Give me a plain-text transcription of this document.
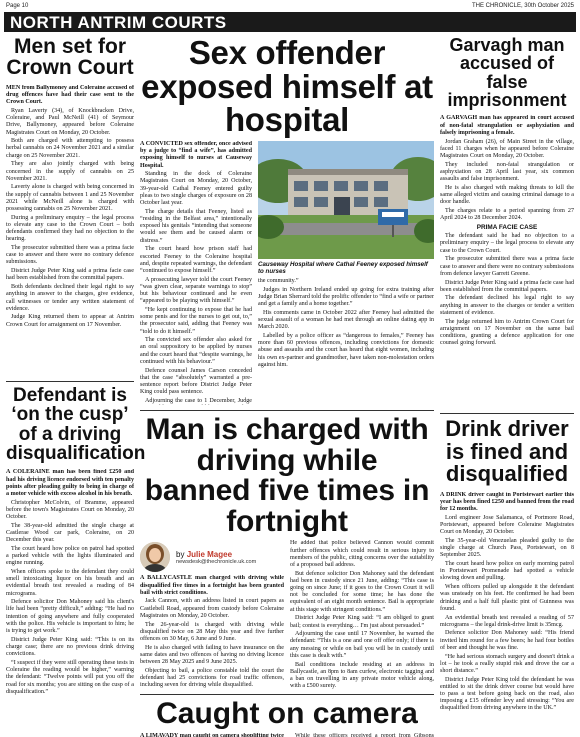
Page 10	THE CHRONICLE, 30th October 2025
NORTH ANTRIM COURTS
Men set for Crown Court

MEN from Ballymoney and Coleraine accused of drug offences have had their case sent to the Crown Court.

Ryan Laverty (34), of Knockbracken Drive, Coleraine, and Paul McNeill (41) of Seymour Drive, Ballymoney, appeared before Coleraine Magistrates Court on Monday, 20 October.

Both are charged with attempting to possess herbal cannabis on 24 November 2021 and a similar charge on 25 November 2021.

They are also jointly charged with being concerned in the supply of cannabis on 25 November 2021.

Laverty alone is charged with being concerned in the supply of cannabis between 1 and 25 November 2021 while McNeill alone is charged with possessing cannabis on 25 November 2021.

During a preliminary enquiry – the legal process to elevate any case to the Crown Court – both defendants confirmed they had no objection to the hearing.

The prosecutor submitted there was a prima facie case to answer and there were no contrary defence submissions.

District Judge Peter King said a prima facie case had been established from the committal papers.

Both defendants declined their legal right to say anything in answer to the charges, give evidence, call witnesses or tender any written statement of evidence.

Judge King returned them to appear at Antrim Crown Court for arraignment on 17 November.

Defendant is ‘on the cusp’ of a driving disqualification

A COLERAINE man has been fined £250 and had his driving licence endorsed with ten penalty points after pleading guilty to being in charge of a motor vehicle with excess alcohol in his breath.

Christopher McColvin, of Bramme, appeared before the town's Magistrates Court on Monday, 20 October.

The 38-year-old admitted the single charge at Castlerae Wood car park, Coleraine, on 20 December this year.

The court heard how police on patrol had spotted a parked vehicle with the lights illuminated and engine running.

When officers spoke to the defendant they could smell intoxicating liquor on his breath and an evidential breath test revealed a reading of 84 micrograms.

Defence solicitor Don Mahoney said his client's life had been “pretty difficult,” adding: “He had no intention of going anywhere and fully cooperated with the police. His vehicle is important to him; he is trying to get work.”

District Judge Peter King said: “This is on its charge case; there are no previous drink driving convictions.

“I suspect if they were still operating these tests in Coleraine the reading would be higher,” warning the defendant: “Twelve points will put you off the road for six months; you are sitting on the cusp of a disqualification.”

Sex offender exposed himself at hospital

A CONVICTED sex offender, once advised by a judge to “find a wife”, has admitted exposing himself to nurses at Causeway Hospital.

Standing in the dock of Coleraine Magistrates Court on Monday, 20 October, 39-year-old Cathal Feeney entered guilty pleas to two single charges of exposure on 28 October last year.

The charge details that Feeney, listed as “residing in the Belfast area,” intentionally exposed his genitals “intending that someone would see them and be caused alarm or distress.”

The court heard how prison staff had escorted Feeney to the Coleraine hospital and, despite repeated warnings, the defendant “continued to expose himself.”

A prosecuting lawyer told the court Feeney “was given clear, separate warnings to stop” but his behaviour continued and he even “appeared to be playing with himself.”

“He kept continuing to expose that he had some penis and for the nurses to get out, to,” the prosecutor said, adding that Feeney was “told to do it himself.”

The convicted sex offender also asked for an oral suppository to be applied by nurses and the court heard that “despite warnings, he continued with his behaviour.”

Defence counsel James Carson conceded that the case “absolutely” warranted a pre-sentence report before District Judge Peter King could pass sentence.

Adjourning the case to 1 December, Judge

Causeway Hospital where Cathal Feeney exposed himself to nurses

the community.”

Judges in Northern Ireland ended up going for extra training after Judge Brian Sherrard told the prolific offender to “find a wife or partner and get a family and a home together.”

His comments came in October 2022 after Feeney had admitted the sexual assault of a woman he had met through an online dating app in March 2020.

Labelled by a police officer as “dangerous to females,” Feeney has more than 60 previous offences, including convictions for domestic abuse and assaults and the court has heard that eight women, including his own ex-partner and grandmother, have taken non-molestation orders against him.

Man is charged with driving while banned five times in fortnight
by Julie Magee
newsdesk@thechronicle.uk.com

A BALLYCASTLE man charged with driving while disqualified five times in a fortnight has been granted bail with strict conditions.

Jack Cannon, with an address listed in court papers as Castlebell Road, appeared from custody before Coleraine Magistrates on Monday, 20 October.

The 26-year-old is charged with driving while disqualified twice on 28 May this year and five further offences on 30 May, 6 June and 9 June.

He is also charged with failing to have insurance on the same dates and two offences of having no driving licence between 28 May 2025 and 9 June 2025.

Objecting to bail, a police constable told the court the defendant had 25 convictions for road traffic offences, including seven for driving while disqualified.

He added that police believed Cannon would commit further offences which could result in serious injury to members of the public, citing concerns over the suitability of a proposed bail address.

But defence solicitor Don Mahoney said the defendant had been in custody since 21 June, adding: “This case is going on since June; if it goes to the Crown Court it will not be concluded for some time; he has done the equivalent of an eight month sentence. Bail is appropriate at this stage with stringent conditions.”

District Judge Peter King said: “I am obliged to grant bail; contest is everything… I'm just about persuaded.”

Adjourning the case until 17 November, he warned the defendant: “This is a one and one off offer only; if there is any messing or while on bail you will be in custody until this case is dealt with.”

Bail conditions include residing at an address in Ballycastle, an 8pm to 8am curfew, electronic tagging and a ban on travelling in any private motor vehicle along, with a £500 surety.

Caught on camera

A LIMAVADY man caught on camera shoplifting twice	While these officers received a report from Gibsons

Garvagh man accused of false imprisonment

A GARVAGH man has appeared in court accused of non-fatal strangulation or asphyxiation and falsely imprisoning a female.

Jordan Graham (26), of Main Street in the village, faced 11 charges when he appeared before Coleraine Magistrates Court on Monday, 20 October.

They included non-fatal strangulation or asphyxiation on 28 April last year, six common assaults and false imprisonment.

He is also charged with making threats to kill the same alleged victim and causing criminal damage to a door handle.

The charges relate to a period spanning from 27 April 2024 to 28 December 2024.

PRIMA FACIE CASE

The defendant said he had no objection to a preliminary enquiry – the legal process to elevate any case to the Crown Court.

The prosecutor submitted there was a prima facie case to answer and there were no contrary submissions from defence lawyer Garrett Greene.

District Judge Peter King said a prima facie case had been established from the committal papers.

The defendant declined his legal right to say anything in answer to the charges or tender a written statement of evidence.

The judge returned him to Antrim Crown Court for arraignment on 17 November on the same bail conditions, granting a defence application for one counsel going forward.

Drink driver is fined and disqualified

A DRINK driver caught in Portstewart earlier this year has been fined £250 and banned from the road for 12 months.

Lord engineer Jose Salamanca, of Portmore Road, Portstewart, appeared before Coleraine Magistrates Court on Monday, 20 October.

The 35-year-old Venezuelan pleaded guilty to the single charge at Church Pass, Portstewart, on 8 September 2025.

The court heard how police on early morning patrol in Portstewart Promenade had spotted a vehicle slowing down and pulling.

When officers pulled up alongside it the defendant was unsteady on his feet. He confirmed he had been drinking and a half full plastic pint of Guinness was found.

An evidential breath test revealed a reading of 57 micrograms – the legal drink-drive limit is 35mcg.

Defence solicitor Don Mahoney said: “His friend invited him round for a few beers; he had four bottles of beer and thought he was fine.

“He had serious stomach surgery and doesn't drink a lot – he took a really stupid risk and drove the car a short distance.”

District Judge Peter King told the defendant he was entitled to sit the drink driver course but would have to pass a test before going back on the road, also imposing a £15 offender levy and stressing: “You are disqualified from driving anywhere in the UK.”
